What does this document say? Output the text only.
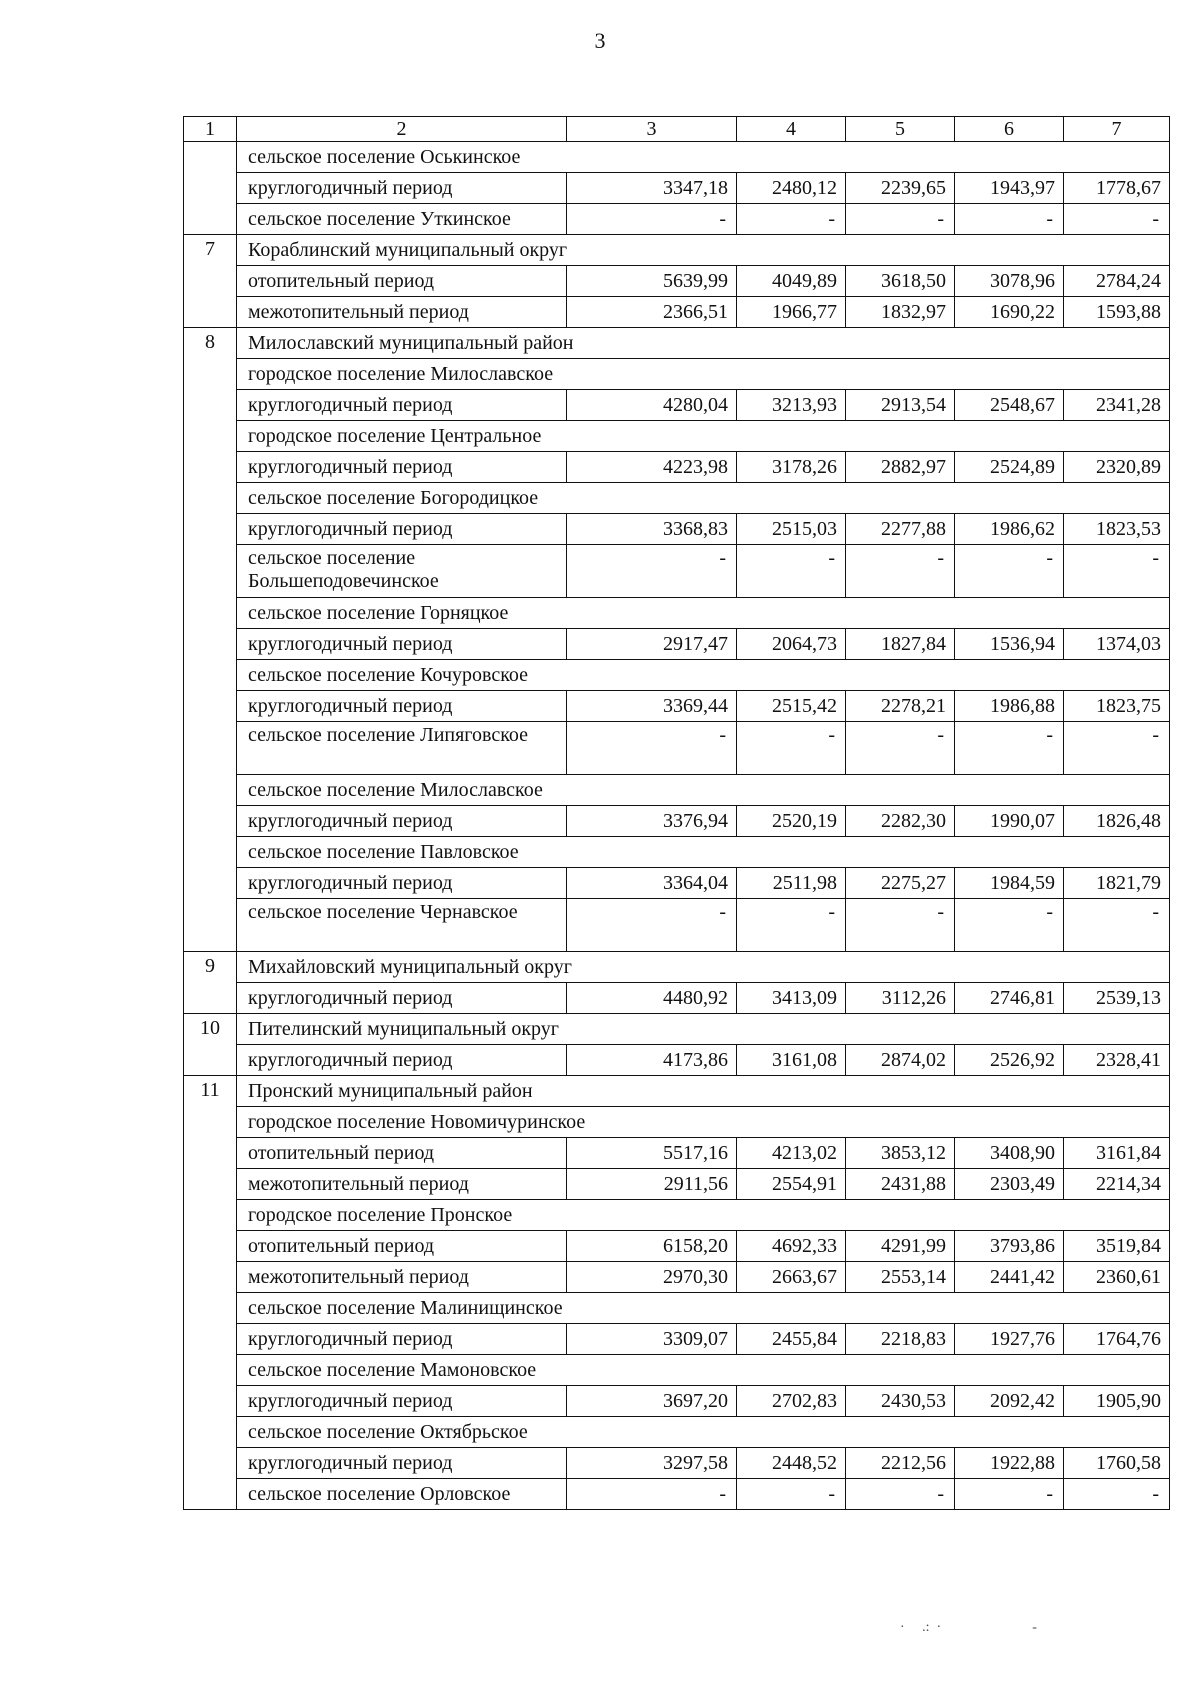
3
1	2	3	4	5	6	7
	сельское поселение Оськинское					
	круглогодичный период	3347,18	2480,12	2239,65	1943,97	1778,67
	сельское поселение Уткинское	-	-	-	-	-
7	Кораблинский муниципальный округ					
	отопительный период	5639,99	4049,89	3618,50	3078,96	2784,24
	межотопительный период	2366,51	1966,77	1832,97	1690,22	1593,88
8	Милославский муниципальный район					
	городское поселение Милославское					
	круглогодичный период	4280,04	3213,93	2913,54	2548,67	2341,28
	городское поселение Центральное					
	круглогодичный период	4223,98	3178,26	2882,97	2524,89	2320,89
	сельское поселение Богородицкое					
	круглогодичный период	3368,83	2515,03	2277,88	1986,62	1823,53
	сельское поселение Большеподовечинское	-	-	-	-	-
	сельское поселение Горняцкое					
	круглогодичный период	2917,47	2064,73	1827,84	1536,94	1374,03
	сельское поселение Кочуровское					
	круглогодичный период	3369,44	2515,42	2278,21	1986,88	1823,75
	сельское поселение Липяговское	-	-	-	-	-
	сельское поселение Милославское					
	круглогодичный период	3376,94	2520,19	2282,30	1990,07	1826,48
	сельское поселение Павловское					
	круглогодичный период	3364,04	2511,98	2275,27	1984,59	1821,79
	сельское поселение Чернавское	-	-	-	-	-
9	Михайловский муниципальный округ					
	круглогодичный период	4480,92	3413,09	3112,26	2746,81	2539,13
10	Пителинский муниципальный округ					
	круглогодичный период	4173,86	3161,08	2874,02	2526,92	2328,41
11	Пронский муниципальный район					
	городское поселение Новомичуринское					
	отопительный период	5517,16	4213,02	3853,12	3408,90	3161,84
	межотопительный период	2911,56	2554,91	2431,88	2303,49	2214,34
	городское поселение Пронское					
	отопительный период	6158,20	4692,33	4291,99	3793,86	3519,84
	межотопительный период	2970,30	2663,67	2553,14	2441,42	2360,61
	сельское поселение Малинищинское					
	круглогодичный период	3309,07	2455,84	2218,83	1927,76	1764,76
	сельское поселение Мамоновское					
	круглогодичный период	3697,20	2702,83	2430,53	2092,42	1905,90
	сельское поселение Октябрьское					
	круглогодичный период	3297,58	2448,52	2212,56	1922,88	1760,58
	сельское поселение Орловское	-	-	-	-	-
·     .:  ·                          -
